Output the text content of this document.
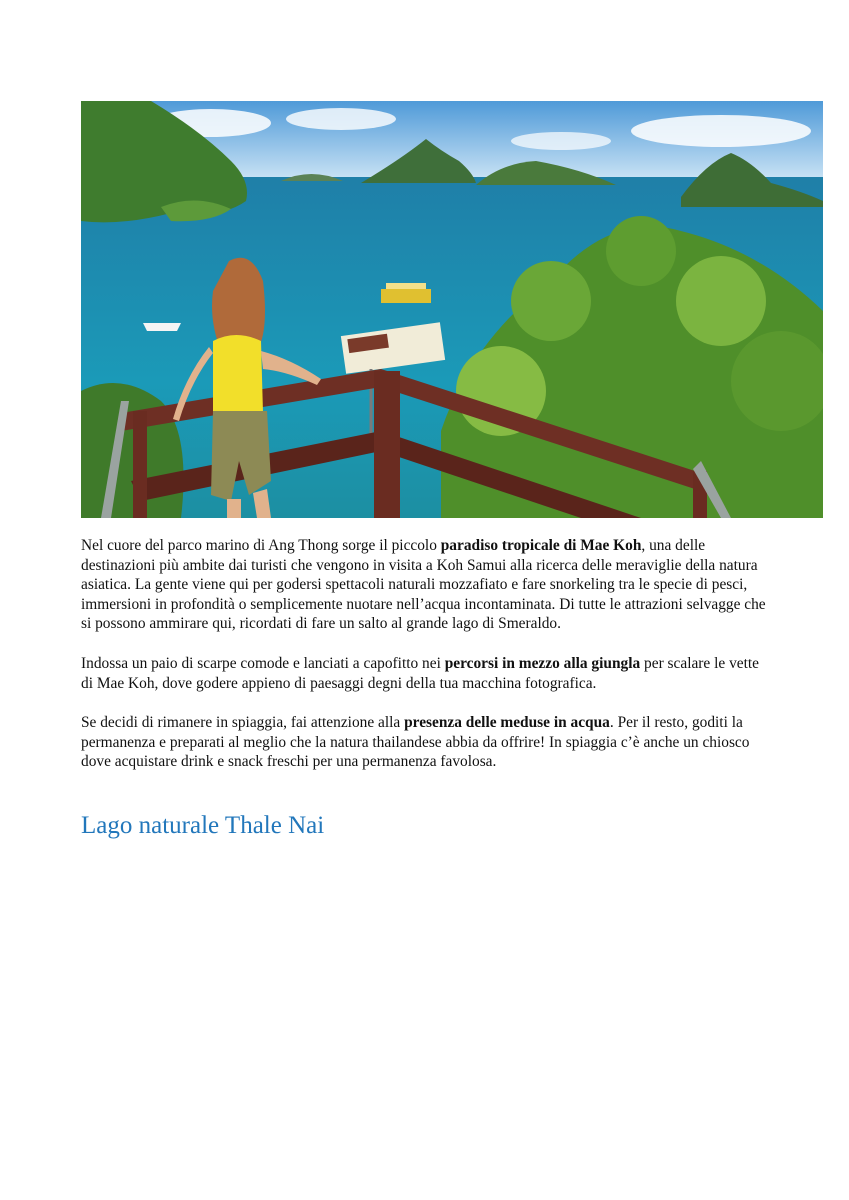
Nel cuore del parco marino di Ang Thong sorge il piccolo paradiso tropicale di Mae Koh, una delle destinazioni più ambite dai turisti che vengono in visita a Koh Samui alla ricerca delle meraviglie della natura asiatica. La gente viene qui per godersi spettacoli naturali mozzafiato e fare snorkeling tra le specie di pesci, immersioni in profondità o semplicemente nuotare nell’acqua incontaminata. Di tutte le attrazioni selvagge che si possono ammirare qui, ricordati di fare un salto al grande lago di Smeraldo.

Indossa un paio di scarpe comode e lanciati a capofitto nei percorsi in mezzo alla giungla per scalare le vette di Mae Koh, dove godere appieno di paesaggi degni della tua macchina fotografica.

Se decidi di rimanere in spiaggia, fai attenzione alla presenza delle meduse in acqua. Per il resto, goditi la permanenza e preparati al meglio che la natura thailandese abbia da offrire! In spiaggia c’è anche un chiosco dove acquistare drink e snack freschi per una permanenza favolosa.

Lago naturale Thale Nai
